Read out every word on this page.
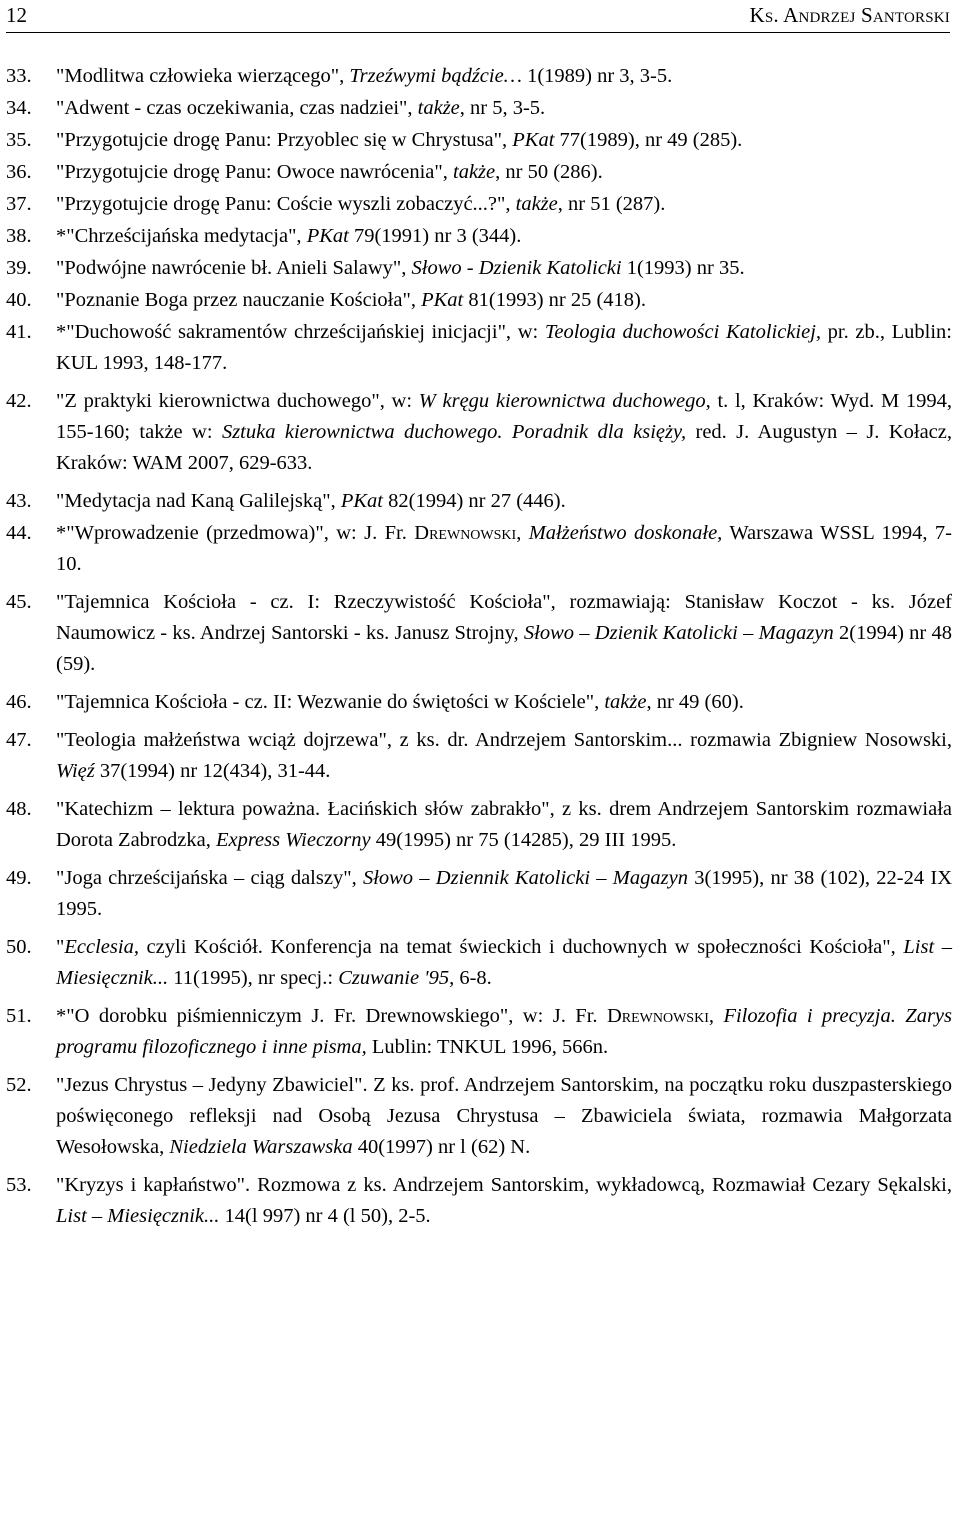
12	Ks. Andrzej Santorski
33.	"Modlitwa człowieka wierzącego", Trzeźwymi bądźcie… 1(1989) nr 3, 3-5.
34.	"Adwent - czas oczekiwania, czas nadziei", także, nr 5, 3-5.
35.	"Przygotujcie drogę Panu: Przyoblec się w Chrystusa", PKat 77(1989), nr 49 (285).
36.	"Przygotujcie drogę Panu: Owoce nawrócenia", także, nr 50 (286).
37.	"Przygotujcie drogę Panu: Coście wyszli zobaczyć...?", także, nr 51 (287).
38.	*"Chrześcijańska medytacja", PKat 79(1991) nr 3 (344).
39.	"Podwójne nawrócenie bł. Anieli Salawy", Słowo - Dzienik Katolicki 1(1993) nr 35.
40.	"Poznanie Boga przez nauczanie Kościoła", PKat 81(1993) nr 25 (418).
41.	*"Duchowość sakramentów chrześcijańskiej inicjacji", w: Teologia duchowości Katolickiej, pr. zb., Lublin: KUL 1993, 148-177.
42.	"Z praktyki kierownictwa duchowego", w: W kręgu kierownictwa duchowego, t. l, Kraków: Wyd. M 1994, 155-160; także w: Sztuka kierownictwa duchowego. Poradnik dla księży, red. J. Augustyn – J. Kołacz, Kraków: WAM 2007, 629-633.
43.	"Medytacja nad Kaną Galilejską", PKat 82(1994) nr 27 (446).
44.	*"Wprowadzenie (przedmowa)", w: J. Fr. Drewnowski, Małżeństwo doskonałe, Warszawa WSSL 1994, 7-10.
45.	"Tajemnica Kościoła - cz. I: Rzeczywistość Kościoła", rozmawiają: Stanisław Koczot - ks. Józef Naumowicz - ks. Andrzej Santorski - ks. Janusz Strojny, Słowo – Dzienik Katolicki – Magazyn 2(1994) nr 48 (59).
46.	"Tajemnica Kościoła - cz. II: Wezwanie do świętości w Kościele", także, nr 49 (60).
47.	"Teologia małżeństwa wciąż dojrzewa", z ks. dr. Andrzejem Santorskim... rozmawia Zbigniew Nosowski, Więź 37(1994) nr 12(434), 31-44.
48.	"Katechizm – lektura poważna. Łacińskich słów zabrakło", z ks. drem Andrzejem Santorskim rozmawiała Dorota Zabrodzka, Express Wieczorny 49(1995) nr 75 (14285), 29 III 1995.
49.	"Joga chrześcijańska – ciąg dalszy", Słowo – Dziennik Katolicki – Magazyn 3(1995), nr 38 (102), 22-24 IX 1995.
50.	"Ecclesia, czyli Kościół. Konferencja na temat świeckich i duchownych w społeczności Kościoła", List – Miesięcznik... 11(1995), nr specj.: Czuwanie '95, 6-8.
51.	*"O dorobku piśmienniczym J. Fr. Drewnowskiego", w: J. Fr. Drewnowski, Filozofia i precyzja. Zarys programu filozoficznego i inne pisma, Lublin: TNKUL 1996, 566n.
52.	"Jezus Chrystus – Jedyny Zbawiciel". Z ks. prof. Andrzejem Santorskim, na początku roku duszpasterskiego poświęconego refleksji nad Osobą Jezusa Chrystusa – Zbawiciela świata, rozmawia Małgorzata Wesołowska, Niedziela Warszawska 40(1997) nr l (62) N.
53.	"Kryzys i kapłaństwo". Rozmowa z ks. Andrzejem Santorskim, wykładowcą, Rozmawiał Cezary Sękalski, List – Miesięcznik... 14(l 997) nr 4 (l 50), 2-5.
